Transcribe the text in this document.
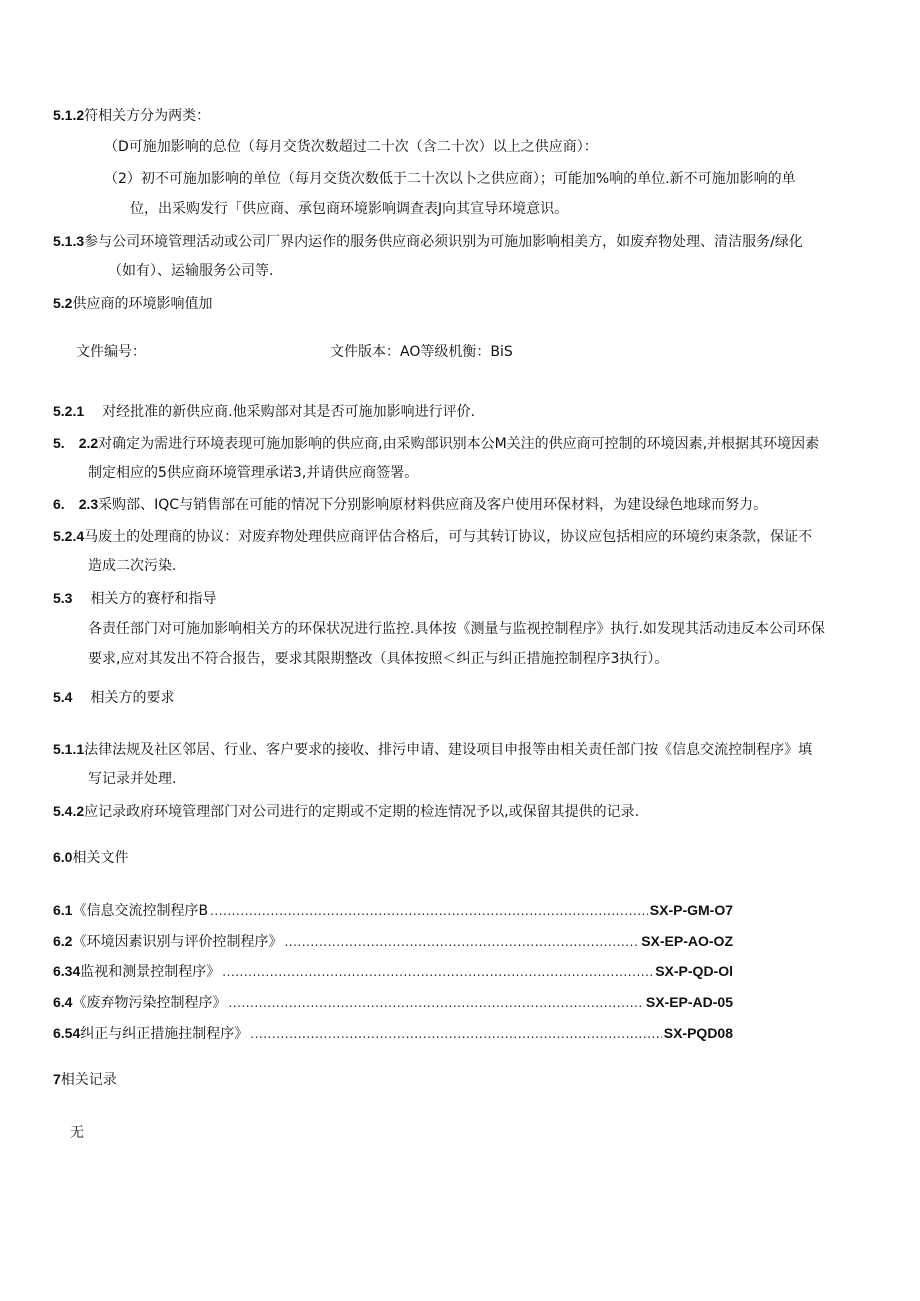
5.1.2符相关方分为两类：
（D可施加影响的总位（每月交货次数超过二十次（含二十次）以上之供应商）：
（2）初不可施加影响的单位（每月交货次数低于二十次以卜之供应商）；可能加%响的单位.新不可施加影响的单
位，出采购发行「供应商、承包商环境影响调查表J向其宣导环境意识。
5.1.3参与公司环境管理活动或公司厂界内运作的服务供应商必须识别为可施加影响相美方，如废弃物处理、清洁服务/绿化
（如有）、运输服务公司等.
5.2供应商的环境影响值加
文件编号：	文件版本：AO等级机衡：BiS
5.2.1 对经批准的新供应商.他采购部对其是否可施加影响进行评价.
5. 2.2对确定为需进行环境表现可施加影响的供应商,由采购部识别本公M关注的供应商可控制的环境因素,并根据其环境因素
制定相应的5供应商环境管理承诺3,并请供应商签署。
6. 2.3采购部、IQC与销售部在可能的情况下分别影响原材料供应商及客户使用环保材料，为建设绿色地球而努力。
5.2.4马废土的处理商的协议：对废弃物处理供应商评估合格后，可与其转订协议，协议应包括相应的环境约束条款，保证不
造成二次污染.
5.3 相关方的赛杼和指导
各责任部门对可施加影响相关方的环保状况进行监控.具体按《测量与监视控制程序》执行.如发现其活动违反本公司环保
要求,应对其发出不符合报告，要求其限期整改（具体按照＜纠正与纠正措施控制程序3执行）。
5.4 相关方的要求
5.1.1法律法规及社区邻居、行业、客户要求的接收、排污申请、建设项目申报等由相关责任部门按《信息交流控制程序》填
写记录并处理.
5.4.2应记录政府环境管理部门对公司进行的定期或不定期的检连情况予以,或保留其提供的记录.
6.0相关文件
6.1《信息交流控制程序B .....	SX-P-GM-O7
6.2《环境因素识别与评价控制程序》 .....	SX-EP-AO-OZ
6.34监视和测景控制程序》 .....	SX-P-QD-Ol
6.4《废弃物污染控制程序》 .....	SX-EP-AD-05
6.54纠正与纠正措施拄制程序》 .....	SX-PQD08
7相关记录
无
